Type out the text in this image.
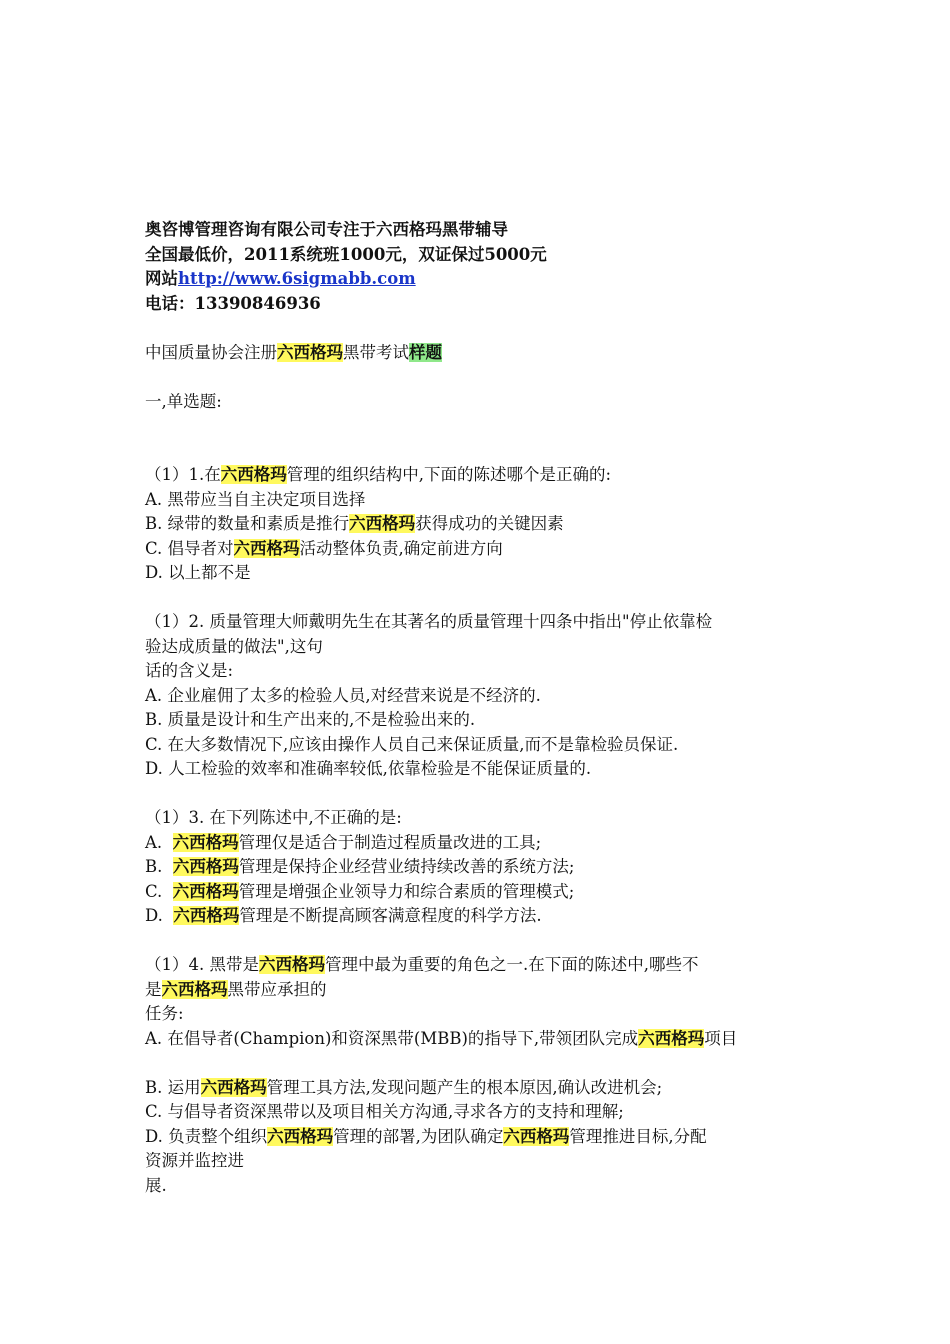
奥咨博管理咨询有限公司专注于六西格玛黑带辅导
全国最低价，2011系统班1000元，双证保过5000元
网站http://www.6sigmabb.com
电话：13390846936
中国质量协会注册六西格玛黑带考试样题
一,单选题:
（1）1.在六西格玛管理的组织结构中,下面的陈述哪个是正确的:
A. 黑带应当自主决定项目选择
B. 绿带的数量和素质是推行六西格玛获得成功的关键因素
C. 倡导者对六西格玛活动整体负责,确定前进方向
D. 以上都不是
（1）2. 质量管理大师戴明先生在其著名的质量管理十四条中指出"停止依靠检
验达成质量的做法",这句
话的含义是:
A. 企业雇佣了太多的检验人员,对经营来说是不经济的.
B. 质量是设计和生产出来的,不是检验出来的.
C. 在大多数情况下,应该由操作人员自己来保证质量,而不是靠检验员保证.
D. 人工检验的效率和准确率较低,依靠检验是不能保证质量的.
（1）3. 在下列陈述中,不正确的是:
A.  六西格玛管理仅是适合于制造过程质量改进的工具;
B.  六西格玛管理是保持企业经营业绩持续改善的系统方法;
C.  六西格玛管理是增强企业领导力和综合素质的管理模式;
D.  六西格玛管理是不断提高顾客满意程度的科学方法.
（1）4. 黑带是六西格玛管理中最为重要的角色之一.在下面的陈述中,哪些不
是六西格玛黑带应承担的
任务:
A. 在倡导者(Champion)和资深黑带(MBB)的指导下,带领团队完成六西格玛项目
B. 运用六西格玛管理工具方法,发现问题产生的根本原因,确认改进机会;
C. 与倡导者资深黑带以及项目相关方沟通,寻求各方的支持和理解;
D. 负责整个组织六西格玛管理的部署,为团队确定六西格玛管理推进目标,分配
资源并监控进
展.
